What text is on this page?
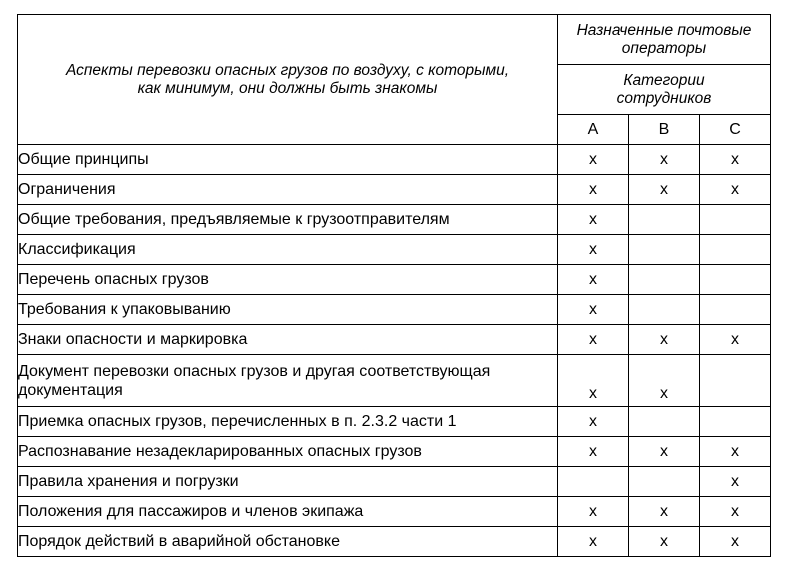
Аспекты перевозки опасных грузов по воздуху, с которыми, как минимум, они должны быть знакомы	Назначенные почтовые операторы		

	Категории сотрудников		

	A	B	C
Общие принципы	x	x	x
Ограничения	x	x	x
Общие требования, предъявляемые к грузоотправителям	x		
Классификация	x		
Перечень опасных грузов	x		
Требования к упаковыванию	x		
Знаки опасности и маркировка	x	x	x
Документ перевозки опасных грузов и другая соответствующая документация	x	x	
Приемка опасных грузов, перечисленных в п. 2.3.2 части 1	x		
Распознавание незадекларированных опасных грузов	x	x	x
Правила хранения и погрузки			x
Положения для пассажиров и членов экипажа	x	x	x
Порядок действий в аварийной обстановке	x	x	x
